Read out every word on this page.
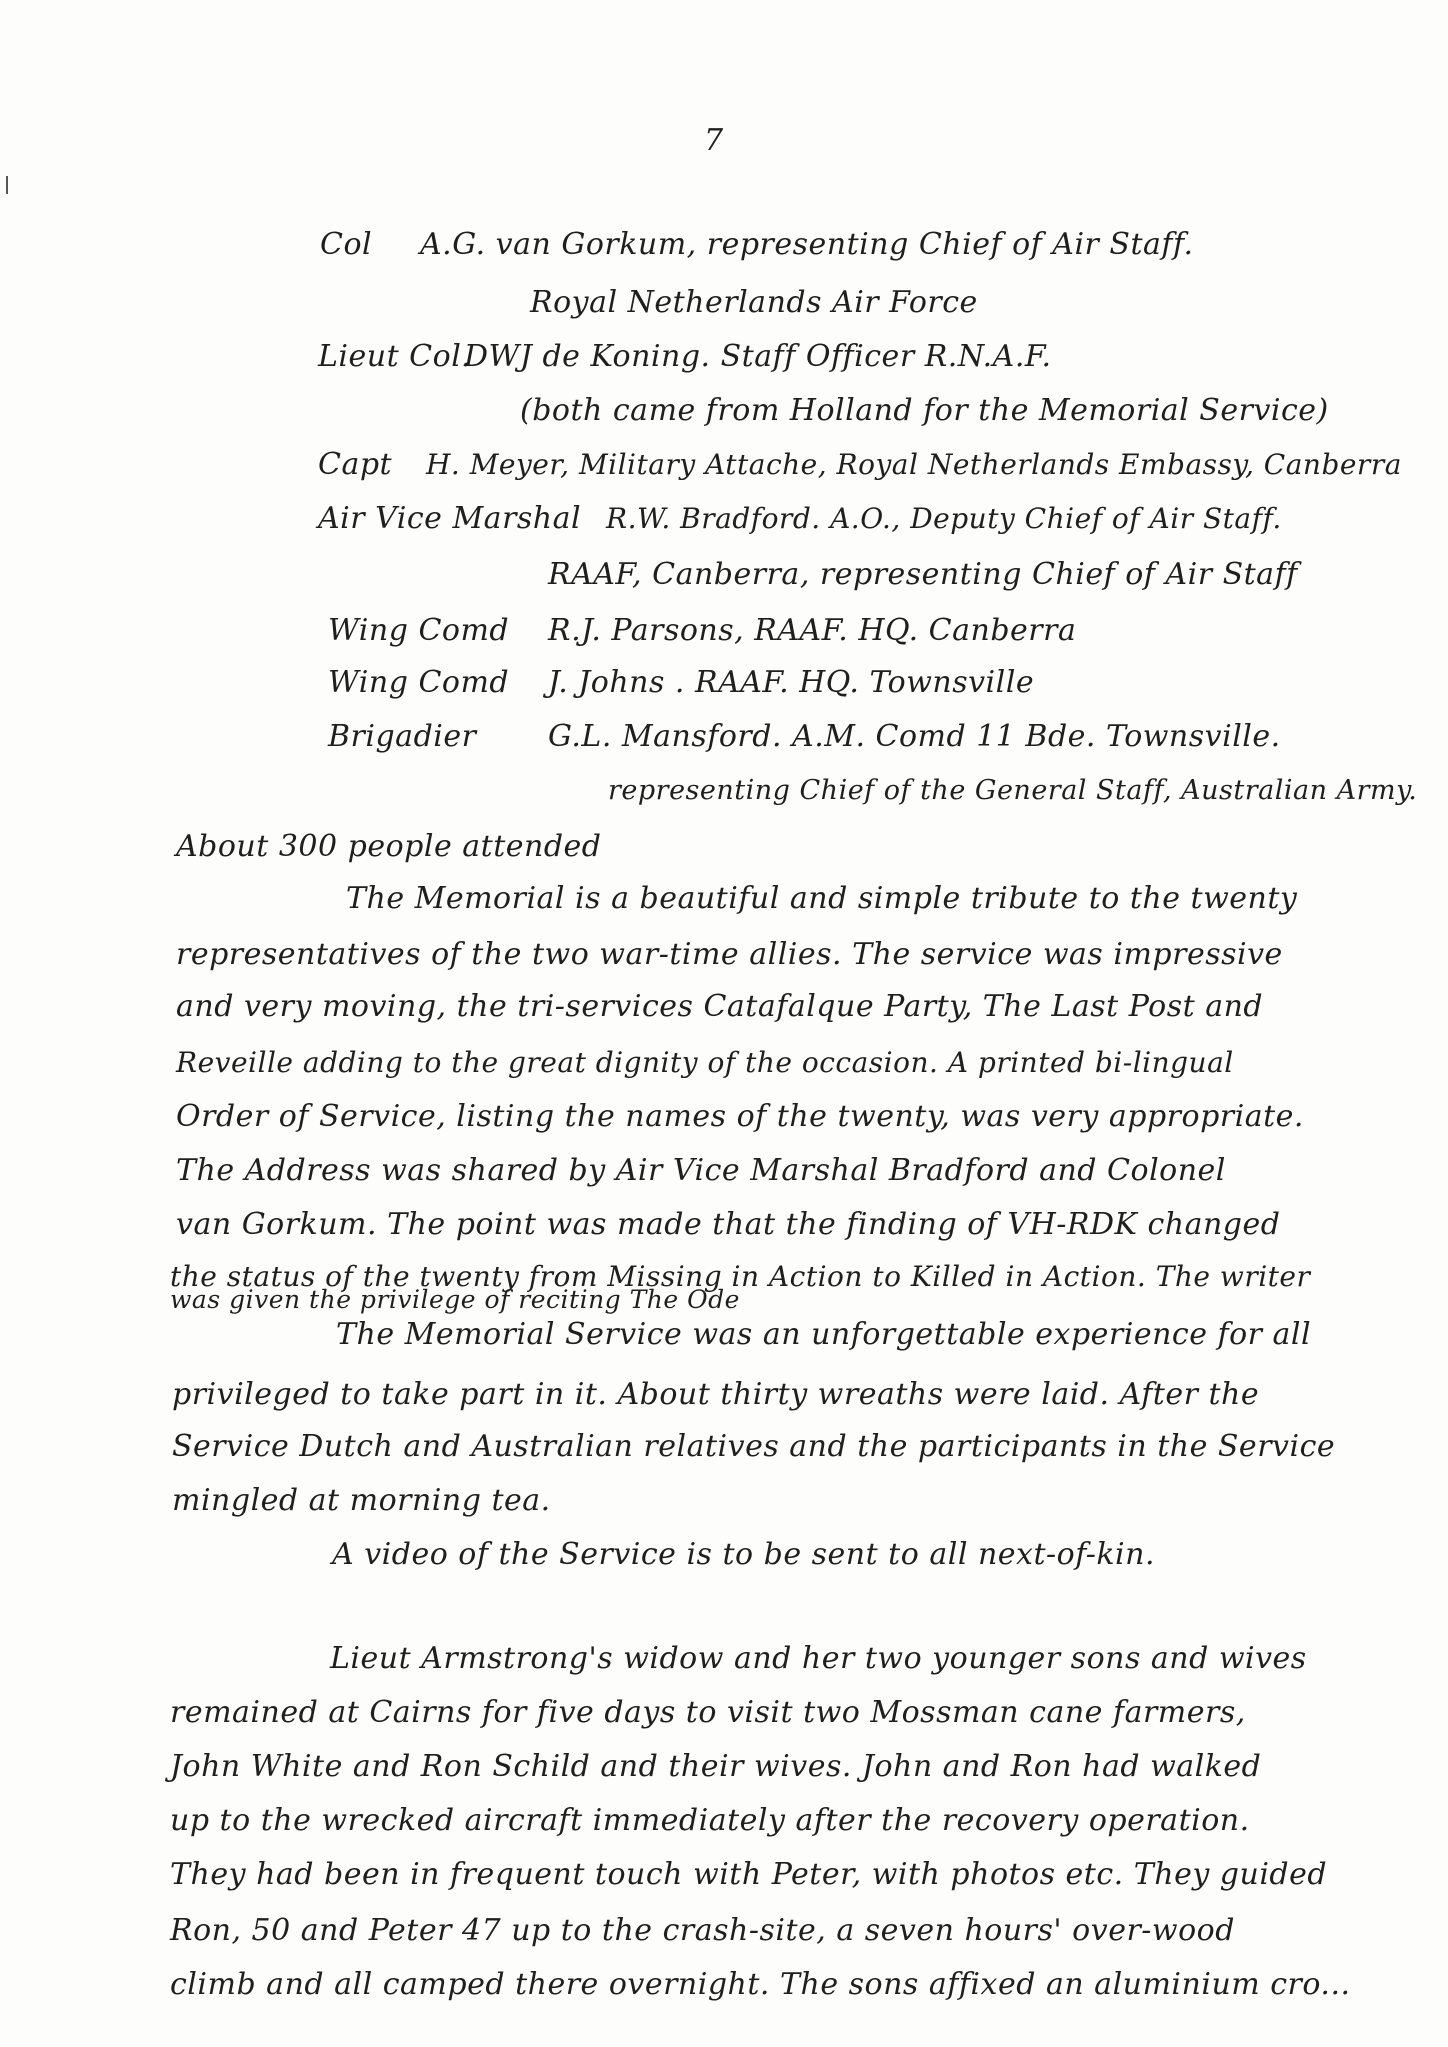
7
Col A.G. van Gorkum, representing Chief of Air Staff.
Royal Netherlands Air Force
Lieut Col.
DWJ de Koning. Staff Officer R.N.A.F.
(both came from Holland for the Memorial Service)
Capt H. Meyer, Military Attache, Royal Netherlands Embassy, Canberra
Air Vice Marshal R.W. Bradford. A.O., Deputy Chief of Air Staff.
RAAF, Canberra, representing Chief of Air Staff
Wing Comd R.J. Parsons, RAAF. HQ. Canberra
Wing Comd J. Johns . RAAF. HQ. Townsville
Brigadier G.L. Mansford. A.M. Comd 11 Bde. Townsville.
representing Chief of the General Staff, Australian Army.
About 300 people attended
The Memorial is a beautiful and simple tribute to the twenty
representatives of the two war-time allies. The service was impressive
and very moving, the tri-services Catafalque Party, The Last Post and
Reveille adding to the great dignity of the occasion. A printed bi-lingual
Order of Service, listing the names of the twenty, was very appropriate.
The Address was shared by Air Vice Marshal Bradford and Colonel
van Gorkum. The point was made that the finding of VH-RDK changed
the status of the twenty from Missing in Action to Killed in Action. The writer
was given the privilege of reciting The Ode
The Memorial Service was an unforgettable experience for all
privileged to take part in it. About thirty wreaths were laid. After the
Service Dutch and Australian relatives and the participants in the Service
mingled at morning tea.
A video of the Service is to be sent to all next-of-kin.
Lieut Armstrong's widow and her two younger sons and wives
remained at Cairns for five days to visit two Mossman cane farmers,
John White and Ron Schild and their wives. John and Ron had walked
up to the wrecked aircraft immediately after the recovery operation.
They had been in frequent touch with Peter, with photos etc. They guided
Ron, 50 and Peter 47 up to the crash-site, a seven hours' over-wood
climb and all camped there overnight. The sons affixed an aluminium cro...
